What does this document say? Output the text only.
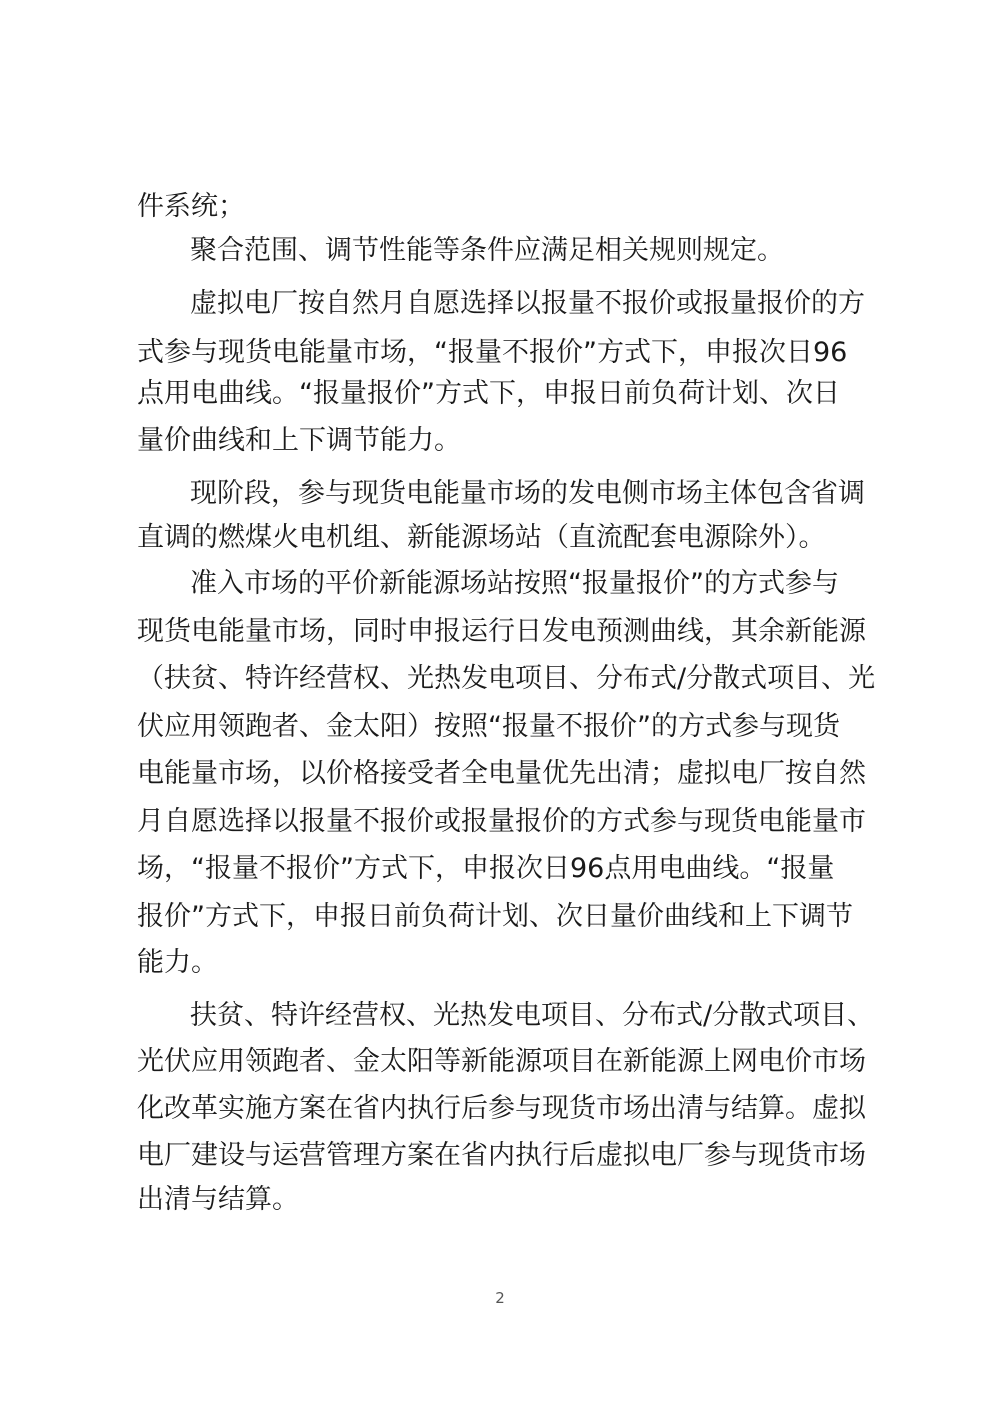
件系统；
聚合范围、调节性能等条件应满足相关规则规定。
虚拟电厂按自然月自愿选择以报量不报价或报量报价的方
式参与现货电能量市场，“报量不报价”方式下，申报次日96
点用电曲线。“报量报价”方式下，申报日前负荷计划、次日
量价曲线和上下调节能力。
现阶段，参与现货电能量市场的发电侧市场主体包含省调
直调的燃煤火电机组、新能源场站（直流配套电源除外）。
准入市场的平价新能源场站按照“报量报价”的方式参与
现货电能量市场，同时申报运行日发电预测曲线，其余新能源
（扶贫、特许经营权、光热发电项目、分布式/分散式项目、光
伏应用领跑者、金太阳）按照“报量不报价”的方式参与现货
电能量市场，以价格接受者全电量优先出清；虚拟电厂按自然
月自愿选择以报量不报价或报量报价的方式参与现货电能量市
场，“报量不报价”方式下，申报次日96点用电曲线。“报量
报价”方式下，申报日前负荷计划、次日量价曲线和上下调节
能力。
扶贫、特许经营权、光热发电项目、分布式/分散式项目、
光伏应用领跑者、金太阳等新能源项目在新能源上网电价市场
化改革实施方案在省内执行后参与现货市场出清与结算。虚拟
电厂建设与运营管理方案在省内执行后虚拟电厂参与现货市场
出清与结算。
2
